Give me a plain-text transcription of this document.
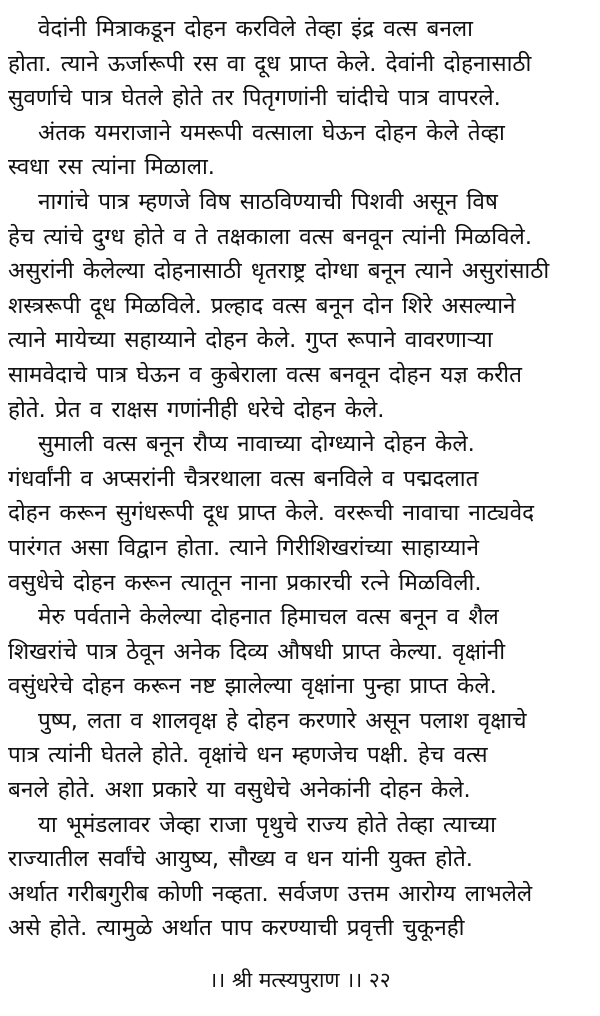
वेदांनी मित्राकडून दोहन करविले तेव्हा इंद्र वत्स बनला
होता. त्याने ऊर्जारूपी रस वा दूध प्राप्त केले. देवांनी दोहनासाठी
सुवर्णाचे पात्र घेतले होते तर पितृगणांनी चांदीचे पात्र वापरले.
अंतक यमराजाने यमरूपी वत्साला घेऊन दोहन केले तेव्हा
स्वधा रस त्यांना मिळाला.
नागांचे पात्र म्हणजे विष साठविण्याची पिशवी असून विष
हेच त्यांचे दुग्ध होते व ते तक्षकाला वत्स बनवून त्यांनी मिळविले.
असुरांनी केलेल्या दोहनासाठी धृतराष्ट्र दोग्धा बनून त्याने असुरांसाठी
शस्त्ररूपी दूध मिळविले. प्रल्हाद वत्स बनून दोन शिरे असल्याने
त्याने मायेच्या सहाय्याने दोहन केले. गुप्त रूपाने वावरणाऱ्या
सामवेदाचे पात्र घेऊन व कुबेराला वत्स बनवून दोहन यज्ञ करीत
होते. प्रेत व राक्षस गणांनीही धरेचे दोहन केले.
सुमाली वत्स बनून रौप्य नावाच्या दोग्ध्याने दोहन केले.
गंधर्वांनी व अप्सरांनी चैत्ररथाला वत्स बनविले व पद्मदलात
दोहन करून सुगंधरूपी दूध प्राप्त केले. वररूची नावाचा नाट्यवेद
पारंगत असा विद्वान होता. त्याने गिरीशिखरांच्या साहाय्याने
वसुधेचे दोहन करून त्यातून नाना प्रकारची रत्ने मिळविली.
मेरु पर्वताने केलेल्या दोहनात हिमाचल वत्स बनून व शैल
शिखरांचे पात्र ठेवून अनेक दिव्य औषधी प्राप्त केल्या. वृक्षांनी
वसुंधरेचे दोहन करून नष्ट झालेल्या वृक्षांना पुन्हा प्राप्त केले.
पुष्प, लता व शालवृक्ष हे दोहन करणारे असून पलाश वृक्षाचे
पात्र त्यांनी घेतले होते. वृक्षांचे धन म्हणजेच पक्षी. हेच वत्स
बनले होते. अशा प्रकारे या वसुधेचे अनेकांनी दोहन केले.
या भूमंडलावर जेव्हा राजा पृथुचे राज्य होते तेव्हा त्याच्या
राज्यातील सर्वांचे आयुष्य, सौख्य व धन यांनी युक्त होते.
अर्थात गरीबगुरीब कोणी नव्हता. सर्वजण उत्तम आरोग्य लाभलेले
असे होते. त्यामुळे अर्थात पाप करण्याची प्रवृत्ती चुकूनही
।। श्री मत्स्यपुराण ।। २२
